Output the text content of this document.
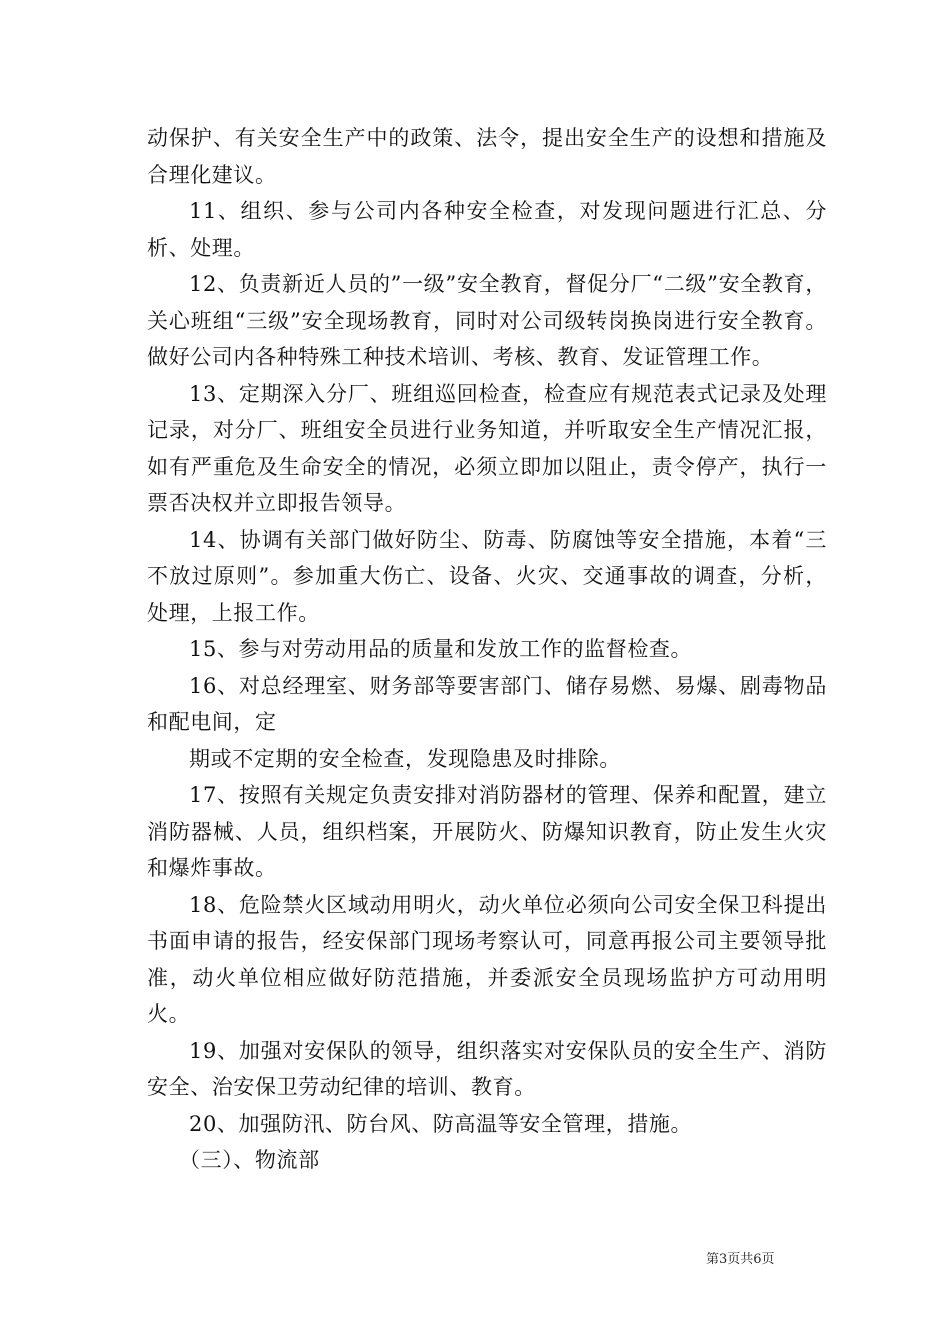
动保护、有关安全生产中的政策、法令，提出安全生产的设想和措施及合理化建议。

11、组织、参与公司内各种安全检查，对发现问题进行汇总、分析、处理。

12、负责新近人员的”一级”安全教育，督促分厂“二级”安全教育，关心班组“三级”安全现场教育，同时对公司级转岗换岗进行安全教育。做好公司内各种特殊工种技术培训、考核、教育、发证管理工作。

13、定期深入分厂、班组巡回检查，检查应有规范表式记录及处理记录，对分厂、班组安全员进行业务知道，并听取安全生产情况汇报，如有严重危及生命安全的情况，必须立即加以阻止，责令停产，执行一票否决权并立即报告领导。

14、协调有关部门做好防尘、防毒、防腐蚀等安全措施，本着“三不放过原则”。参加重大伤亡、设备、火灾、交通事故的调查，分析，处理，上报工作。

15、参与对劳动用品的质量和发放工作的监督检查。

16、对总经理室、财务部等要害部门、储存易燃、易爆、剧毒物品和配电间，定

期或不定期的安全检查，发现隐患及时排除。

17、按照有关规定负责安排对消防器材的管理、保养和配置，建立消防器械、人员，组织档案，开展防火、防爆知识教育，防止发生火灾和爆炸事故。

18、危险禁火区域动用明火，动火单位必须向公司安全保卫科提出书面申请的报告，经安保部门现场考察认可，同意再报公司主要领导批准，动火单位相应做好防范措施，并委派安全员现场监护方可动用明火。

19、加强对安保队的领导，组织落实对安保队员的安全生产、消防安全、治安保卫劳动纪律的培训、教育。

20、加强防汛、防台风、防高温等安全管理，措施。

（三）、物流部

第3页共6页
